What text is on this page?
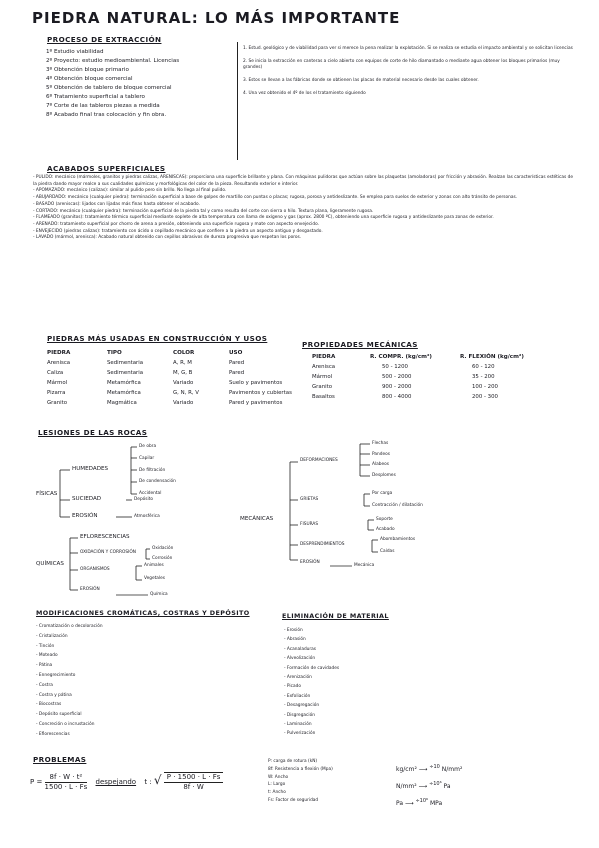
PIEDRA NATURAL: LO MÁS IMPORTANTE
PROCESO DE EXTRACCIÓN
1º Estudio viabilidad
2º Proyecto: estudio medioambiental. Licencias
3º Obtención bloque primario
4º Obtención bloque comercial
5º Obtención de tablero de bloque comercial
6º Tratamiento superficial a tablero
7º Corte de las tableros piezas a medida
8º Acabado final tras colocación y fin obra.
1. Estud. geológico y de viabilidad para ver si merece la pena realizar la explotación. Si se realiza se estudia el impacto ambiental y se solicitan licencias
2. Se inicia la extracción en canteras a cielo abierto con equipos de corte de hilo diamantado o mediante agua obtener los bloques primarios (muy grandes)
3. Estos se llevan a las fábricas donde se obtienen las placas de material necesario desde las cuales obtener.
4. Una vez obtenido el 4º de los el tratamiento siguiendo
ACABADOS SUPERFICIALES
- PULIDO: mecánico (mármoles, granitos y piedras calizas, ARENISCAS): proporciona una superficie brillante y plana. Con máquinas pulidoras que actúan sobre las plaquetas (amoladoras) por fricción y abrasión. Realzan las características estéticas de la piedra dando mayor realce a sus cualidades químicas y morfológicas del color de la pieza. Resultando exterior e interior.
- APOMAZADO: mecánico (calizas): similar al pulido pero sin brillo. No llega al final pulido.
- ABUJARDADO: mecánico (cualquier piedra): terminación superficial a base de golpes de martillo con puntas o placas; rugosa, porosa y antideslizante. Se emplea para suelos de exterior y zonas con alto tránsito de personas.
- BASADO (areniscas): lijados con lijadas más finas hasta obtener el acabado.
- CORTADO: mecánico (cualquier piedra): terminación superficial de la piedra tal y como resulta del corte con sierra o hilo. Textura plana, ligeramente rugosa.
- FLAMEADO (granitos): tratamiento térmico superficial mediante soplete de alta temperatura con llama de oxígeno y gas (aprox. 2800 ºC), obteniendo una superficie rugosa y antideslizante para zonas de exterior.
- ARENADO: tratamiento superficial por chorro de arena a presión, obteniendo una superficie rugosa y mate con aspecto envejecido.
- ENVEJECIDO (piedras calizas): tratamiento con ácido o cepillado mecánico que confiere a la piedra un aspecto antiguo y desgastado.
- LAVADO (mármol, arenisca): Acabado natural obtenido con cepillos abrasivos de dureza progresiva que respetan los poros.
PIEDRAS MÁS USADAS EN CONSTRUCCIÓN Y USOS
PIEDRA	TIPO	COLOR	USO
Arenisca	Sedimentaria	A, R, M	Pared
Caliza	Sedimentaria	M, G, B	Pared
Mármol	Metamórfica	Variado	Suelo y pavimentos
Pizarra	Metamórfica	G, N, R, V	Pavimentos y cubiertas
Granito	Magmática	Variado	Pared y pavimentos
PROPIEDADES MECÁNICAS
PIEDRA	R. COMPR. (kg/cm²)	R. FLEXIÓN (kg/cm²)
Arenisca	50 - 1200	60 - 120
Mármol	500 - 2000	35 - 200
Granito	900 - 2000	100 - 200
Basaltos	800 - 4000	200 - 300
LESIONES DE LAS ROCAS
FÍSICAS
HUMEDADES
De obra
Capilar
De filtración
De condensación
Accidental
SUCIEDAD	Depósito
EROSIÓN	Atmosférica
QUÍMICAS
EFLORESCENCIAS
OXIDACIÓN Y CORROSIÓN
Oxidación
Corrosión
ORGANISMOS
Animales
Vegetales
EROSIÓN
Química
MECÁNICAS
DEFORMACIONES
Flechas
Pandeos
Alabeos
Desplomes
GRIETAS
Por carga
Contracción / dilatación
FISURAS
Soporte
Acabado
DESPRENDIMIENTOS
Abombamientos
Caídas
EROSIÓN
Mecánica
MODIFICACIONES CROMÁTICAS, COSTRAS Y DEPÓSITO
- Cromatización o decoloración
- Cristalización
- Tinción
- Moteado
- Pátina
- Ennegrecimiento
- Costra
- Costra y pátina
- Biocostras
- Depósito superficial
- Concreción o incrustación
- Eflorescencias
ELIMINACIÓN DE MATERIAL
- Erosión
- Abrasión
- Acanaladuras
- Alveolización
- Formación de cavidades
- Arenización
- Picado
- Exfoliación
- Desagregación
- Disgregación
- Laminación
- Pulverización
PROBLEMAS
$P = \frac{\text{8f · W · t²}}{1500 \cdot L \cdot Fs}$ despejando t : √ $\frac{P \cdot 1500 \cdot L \cdot Fs}{8f \cdot W}$
P: carga de rotura (kN)
8f: Resistencia a flexión (Mpa)
W: Ancho
L: Largo
t: Ancho
Fs: Factor de seguridad
kg/cm² ⟶ $^{\div 10}$ N/mm²
N/mm² ⟶ $^{\div 10^6}$ Pa
Pa ⟶ $^{\div 10^6}$ MPa
